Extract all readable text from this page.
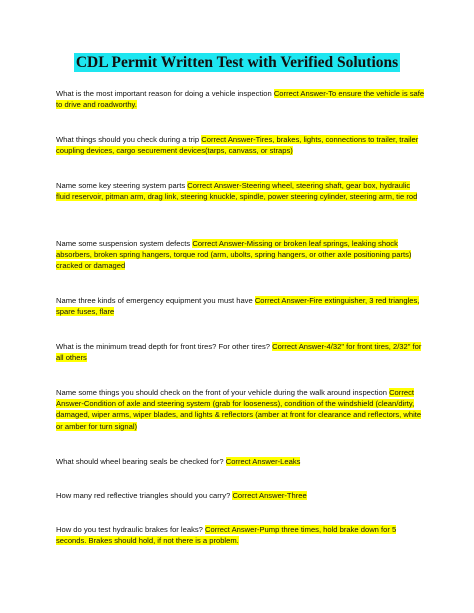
CDL Permit Written Test with Verified Solutions

What is the most important reason for doing a vehicle inspection Correct Answer-To ensure the vehicle is safe to drive and roadworthy.

What things should you check during a trip Correct Answer-Tires, brakes, lights, connections to trailer, trailer coupling devices, cargo securement devices(tarps, canvass, or straps)

Name some key steering system parts Correct Answer-Steering wheel, steering shaft, gear box, hydraulic fluid reservoir, pitman arm, drag link, steering knuckle, spindle, power steering cylinder, steering arm, tie rod

Name some suspension system defects Correct Answer-Missing or broken leaf springs, leaking shock absorbers, broken spring hangers, torque rod (arm, ubolts, spring hangers, or other axle positioning parts) cracked or damaged

Name three kinds of emergency equipment you must have Correct Answer-Fire extinguisher, 3 red triangles, spare fuses, flare

What is the minimum tread depth for front tires? For other tires? Correct Answer-4/32" for front tires, 2/32" for all others

Name some things you should check on the front of your vehicle during the walk around inspection Correct Answer-Condition of axle and steering system (grab for looseness), condition of the windshield (clean/dirty, damaged, wiper arms, wiper blades, and lights & reflectors (amber at front for clearance and reflectors, white or amber for turn signal)

What should wheel bearing seals be checked for? Correct Answer-Leaks

How many red reflective triangles should you carry? Correct Answer-Three

How do you test hydraulic brakes for leaks? Correct Answer-Pump three times, hold brake down for 5 seconds. Brakes should hold, if not there is a problem.
